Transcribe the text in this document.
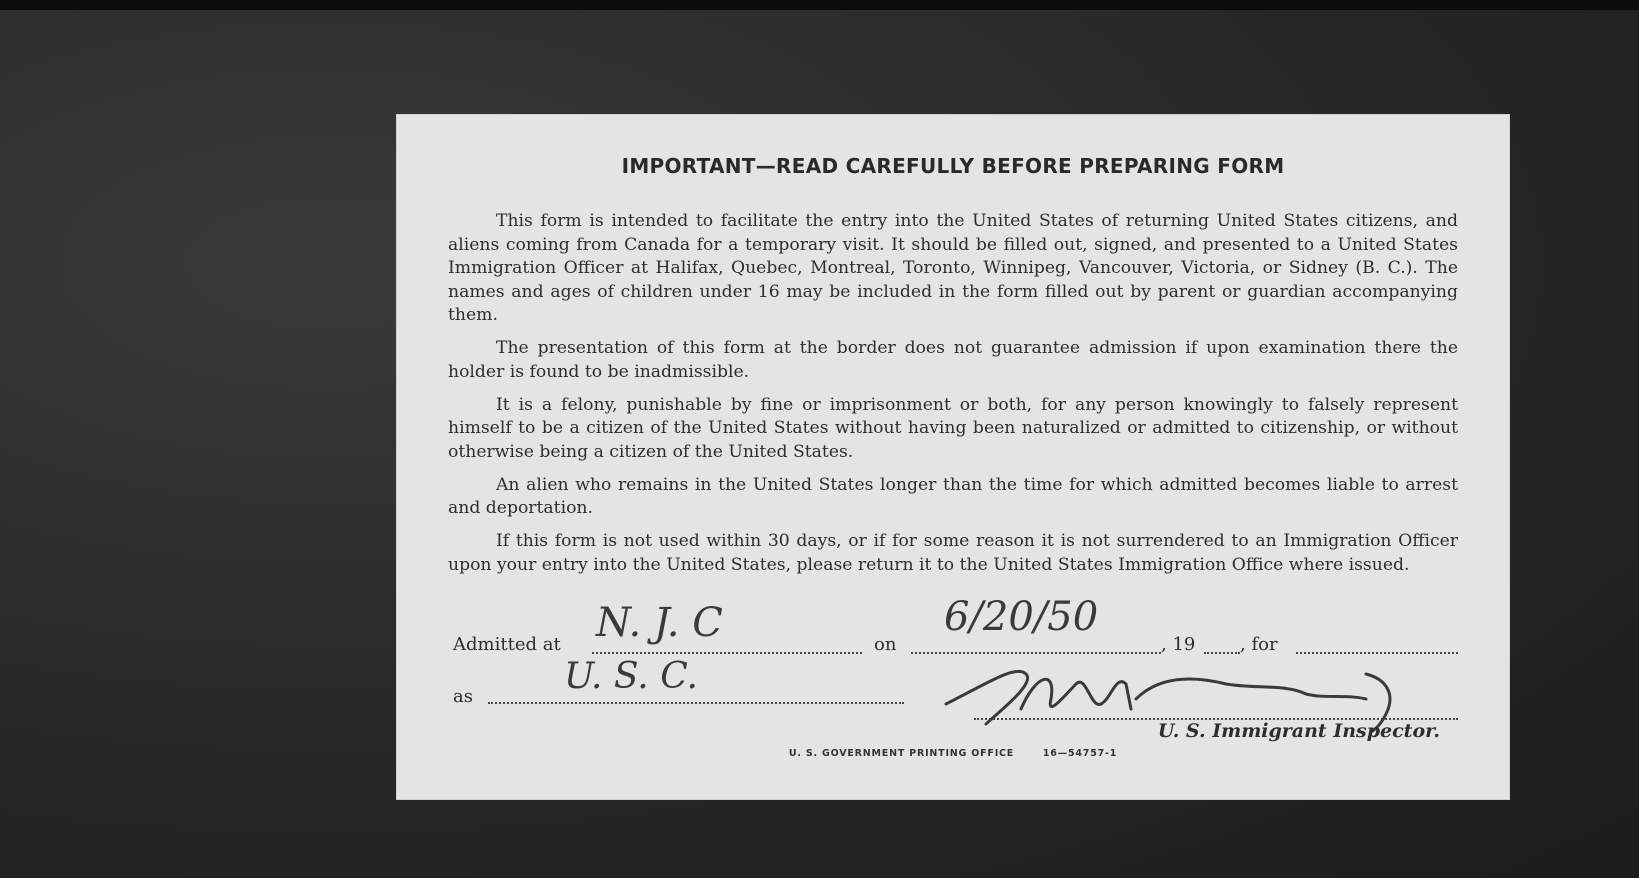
IMPORTANT—READ CAREFULLY BEFORE PREPARING FORM

This form is intended to facilitate the entry into the United States of returning United States citizens, and aliens coming from Canada for a temporary visit. It should be filled out, signed, and presented to a United States Immigration Officer at Halifax, Quebec, Montreal, Toronto, Winnipeg, Vancouver, Victoria, or Sidney (B. C.). The names and ages of children under 16 may be included in the form filled out by parent or guardian accompanying them.

The presentation of this form at the border does not guarantee admission if upon examination there the holder is found to be inadmissible.

It is a felony, punishable by fine or imprisonment or both, for any person knowingly to falsely represent himself to be a citizen of the United States without having been naturalized or admitted to citizenship, or without otherwise being a citizen of the United States.

An alien who remains in the United States longer than the time for which admitted becomes liable to arrest and deportation.

If this form is not used within 30 days, or if for some reason it is not surrendered to an Immigration Officer upon your entry into the United States, please return it to the United States Immigration Office where issued.

Admitted at N. J. C	on
6/20/50
, 19 , for
as	U. S. C.
U. S. Immigrant Inspector.
U. S. GOVERNMENT PRINTING OFFICE	16—54757-1
